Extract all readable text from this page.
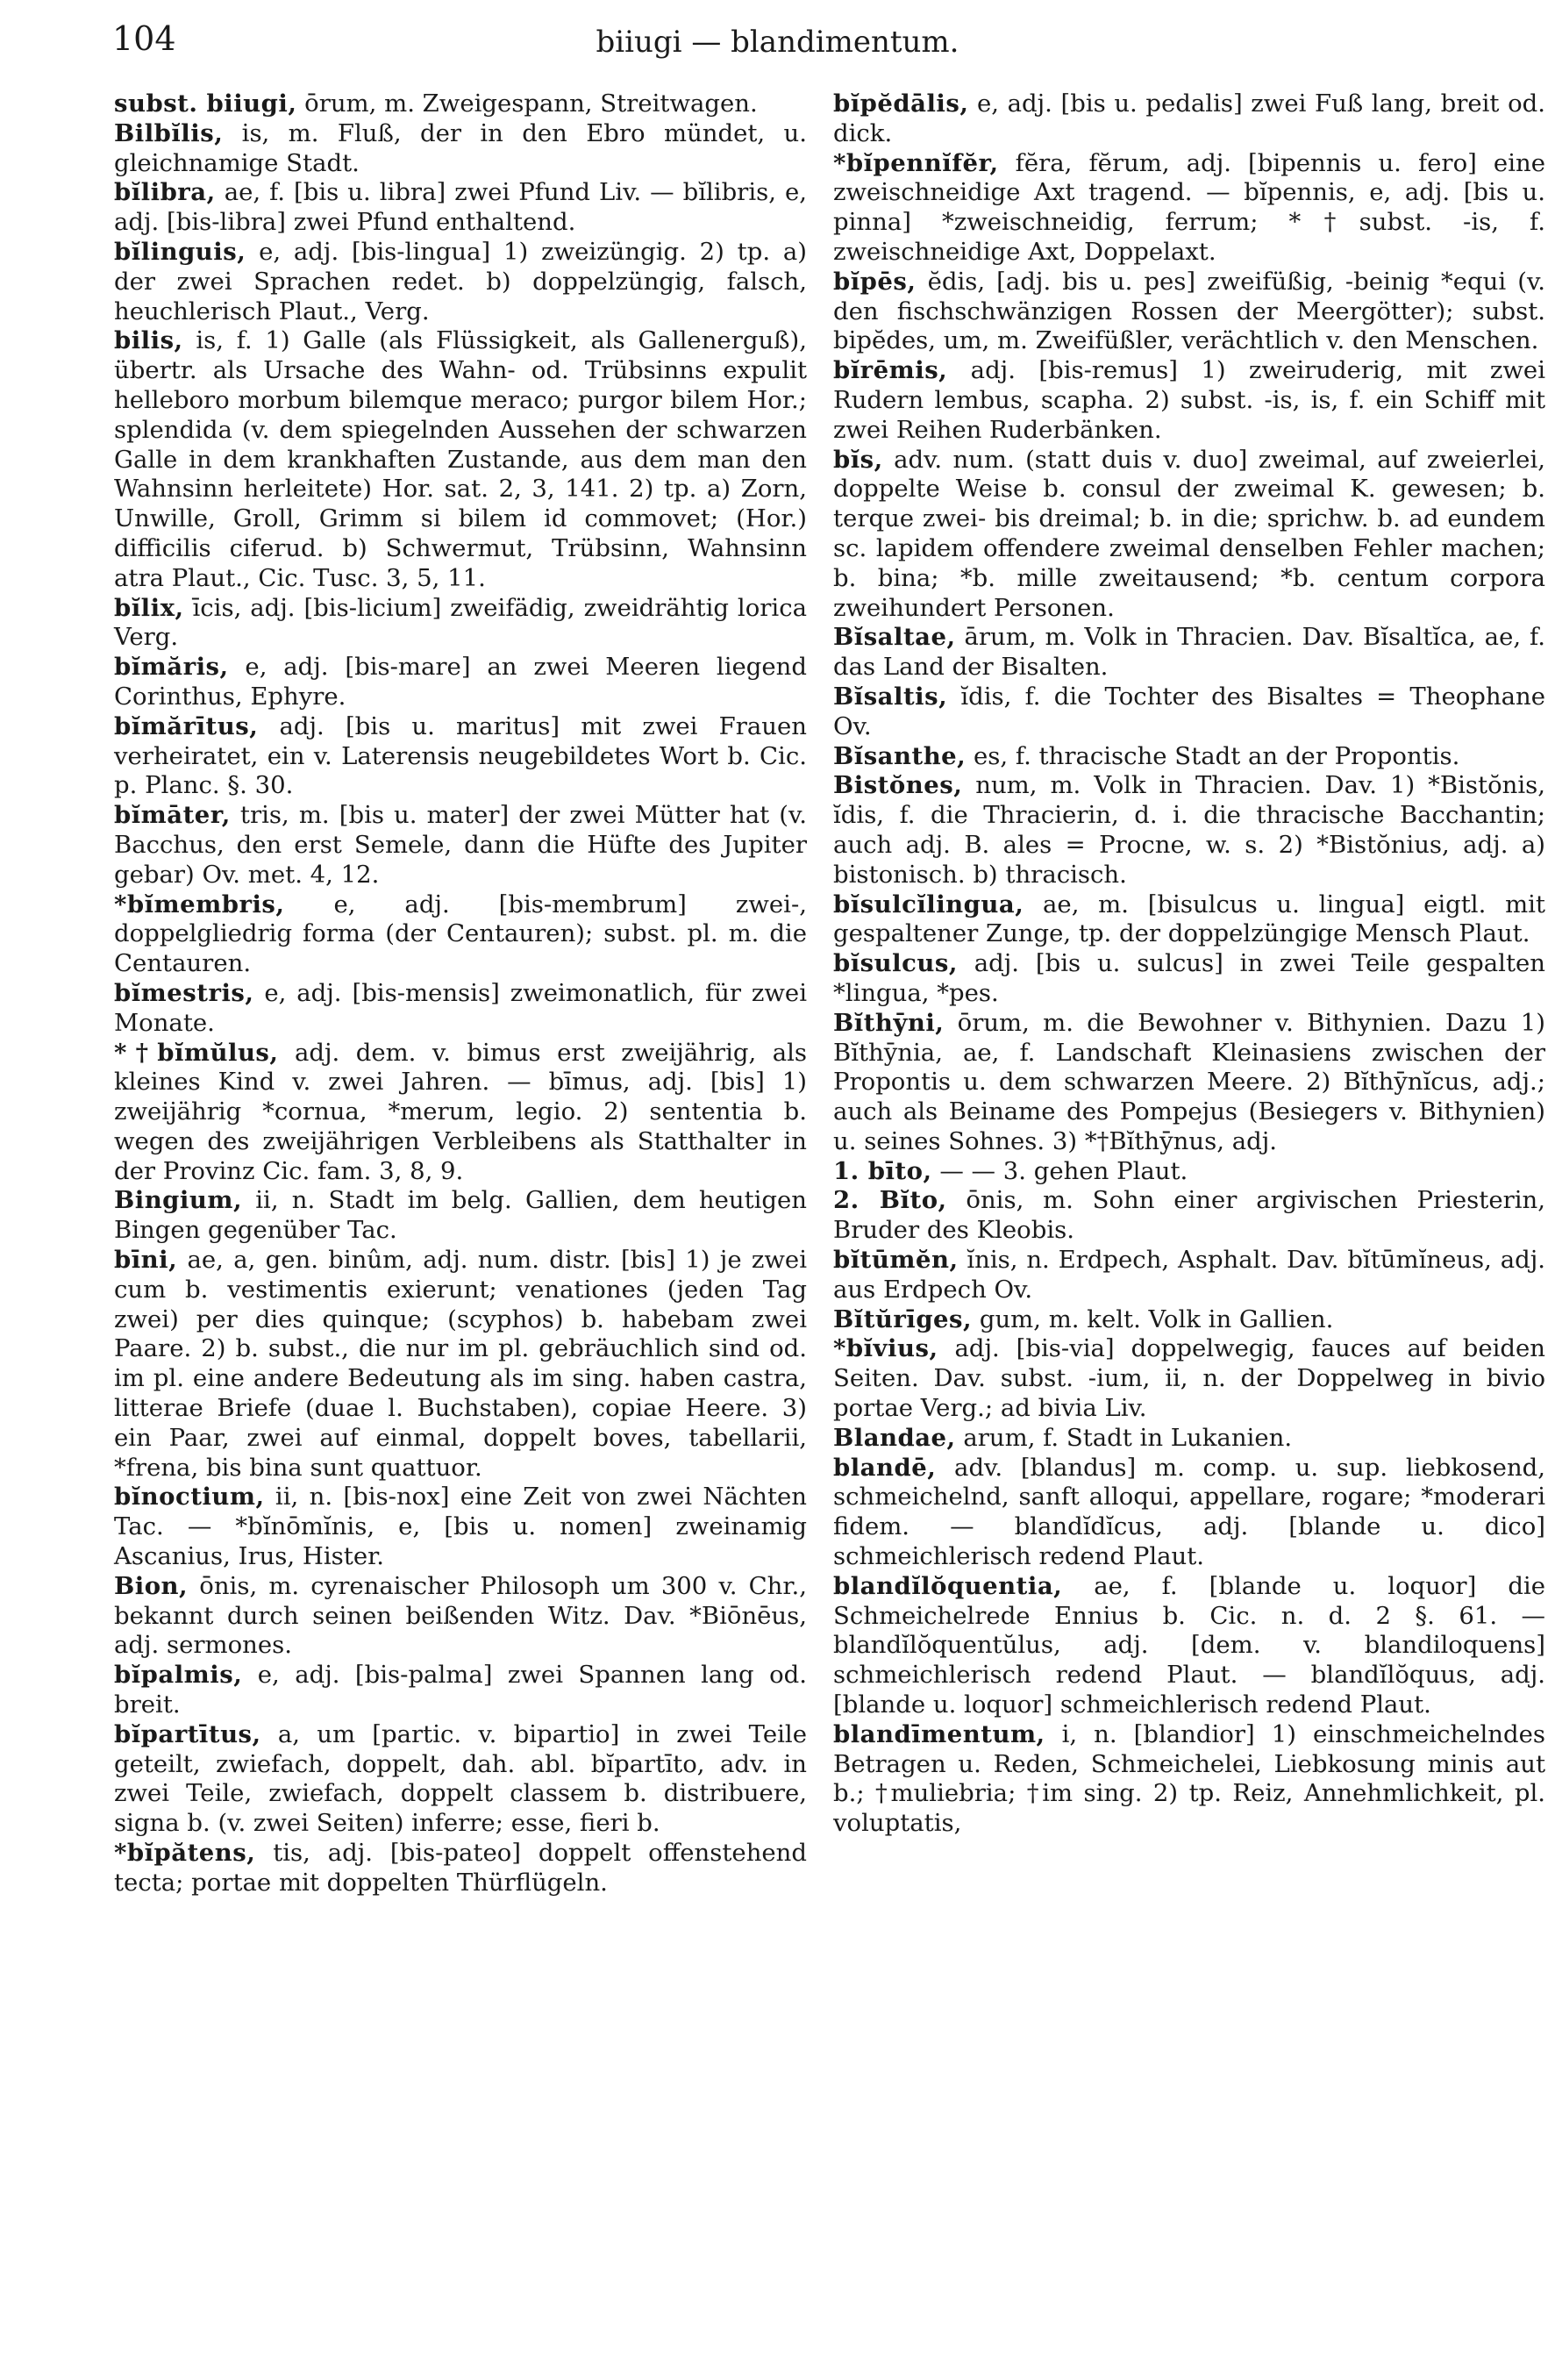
104	biiugi — blandimentum.

subst. biiugi, ōrum, m. Zweigespann, Streitwagen.

Bilbĭlis, is, m. Fluß, der in den Ebro mündet, u. gleichnamige Stadt.

bĭlibra, ae, f. [bis u. libra] zwei Pfund Liv. — bĭlibris, e, adj. [bis-libra] zwei Pfund enthaltend.

bĭlinguis, e, adj. [bis-lingua] 1) zweizüngig. 2) tp. a) der zwei Sprachen redet. b) doppelzüngig, falsch, heuchlerisch Plaut., Verg.

bilis, is, f. 1) Galle (als Flüssigkeit, als Gallenerguß), übertr. als Ursache des Wahn- od. Trübsinns expulit helleboro morbum bilemque meraco; purgor bilem Hor.; splendida (v. dem spiegelnden Aussehen der schwarzen Galle in dem krankhaften Zustande, aus dem man den Wahnsinn herleitete) Hor. sat. 2, 3, 141. 2) tp. a) Zorn, Unwille, Groll, Grimm si bilem id commovet; (Hor.) difficilis ciferud. b) Schwermut, Trübsinn, Wahnsinn atra Plaut., Cic. Tusc. 3, 5, 11.

bĭlix, īcis, adj. [bis-licium] zweifädig, zweidrähtig lorica Verg.

bĭmăris, e, adj. [bis-mare] an zwei Meeren liegend Corinthus, Ephyre.

bĭmărītus, adj. [bis u. maritus] mit zwei Frauen verheiratet, ein v. Laterensis neugebildetes Wort b. Cic. p. Planc. §. 30.

bĭmāter, tris, m. [bis u. mater] der zwei Mütter hat (v. Bacchus, den erst Semele, dann die Hüfte des Jupiter gebar) Ov. met. 4, 12.

*bĭmembris, e, adj. [bis-membrum] zwei-, doppelgliedrig forma (der Centauren); subst. pl. m. die Centauren.

bĭmestris, e, adj. [bis-mensis] zweimonatlich, für zwei Monate.

*†bĭmŭlus, adj. dem. v. bimus erst zweijährig, als kleines Kind v. zwei Jahren. — bīmus, adj. [bis] 1) zweijährig *cornua, *merum, legio. 2) sententia b. wegen des zweijährigen Verbleibens als Statthalter in der Provinz Cic. fam. 3, 8, 9.

Bingium, ii, n. Stadt im belg. Gallien, dem heutigen Bingen gegenüber Tac.

bīni, ae, a, gen. binûm, adj. num. distr. [bis] 1) je zwei cum b. vestimentis exierunt; venationes (jeden Tag zwei) per dies quinque; (scyphos) b. habebam zwei Paare. 2) b. subst., die nur im pl. gebräuchlich sind od. im pl. eine andere Bedeutung als im sing. haben castra, litterae Briefe (duae l. Buchstaben), copiae Heere. 3) ein Paar, zwei auf einmal, doppelt boves, tabellarii, *frena, bis bina sunt quattuor.

bĭnoctium, ii, n. [bis-nox] eine Zeit von zwei Nächten Tac. — *bĭnōmĭnis, e, [bis u. nomen] zweinamig Ascanius, Irus, Hister.

Bion, ōnis, m. cyrenaischer Philosoph um 300 v. Chr., bekannt durch seinen beißenden Witz. Dav. *Biōnēus, adj. sermones.

bĭpalmis, e, adj. [bis-palma] zwei Spannen lang od. breit.

bĭpartītus, a, um [partic. v. bipartio] in zwei Teile geteilt, zwiefach, doppelt, dah. abl. bĭpartīto, adv. in zwei Teile, zwiefach, doppelt classem b. distribuere, signa b. (v. zwei Seiten) inferre; esse, fieri b.

*bĭpătens, tis, adj. [bis-pateo] doppelt offenstehend tecta; portae mit doppelten Thürflügeln.

bĭpĕdālis, e, adj. [bis u. pedalis] zwei Fuß lang, breit od. dick.

*bĭpennĭfĕr, fĕra, fĕrum, adj. [bipennis u. fero] eine zweischneidige Axt tragend. — bĭpennis, e, adj. [bis u. pinna] *zweischneidig, ferrum; *†subst. -is, f. zweischneidige Axt, Doppelaxt.

bĭpēs, ĕdis, [adj. bis u. pes] zweifüßig, -beinig *equi (v. den fischschwänzigen Rossen der Meergötter); subst. bipĕdes, um, m. Zweifüßler, verächtlich v. den Menschen.

bĭrēmis, adj. [bis-remus] 1) zweiruderig, mit zwei Rudern lembus, scapha. 2) subst. -is, is, f. ein Schiff mit zwei Reihen Ruderbänken.

bĭs, adv. num. (statt duis v. duo] zweimal, auf zweierlei, doppelte Weise b. consul der zweimal K. gewesen; b. terque zwei- bis dreimal; b. in die; sprichw. b. ad eundem sc. lapidem offendere zweimal denselben Fehler machen; b. bina; *b. mille zweitausend; *b. centum corpora zweihundert Personen.

Bĭsaltae, ārum, m. Volk in Thracien. Dav. Bĭsaltĭca, ae, f. das Land der Bisalten.

Bĭsaltis, ĭdis, f. die Tochter des Bisaltes = Theophane Ov.

Bĭsanthe, es, f. thracische Stadt an der Propontis.

Bistŏnes, num, m. Volk in Thracien. Dav. 1) *Bistŏnis, ĭdis, f. die Thracierin, d. i. die thracische Bacchantin; auch adj. B. ales = Procne, w. s. 2) *Bistŏnius, adj. a) bistonisch. b) thracisch.

bĭsulcĭlingua, ae, m. [bisulcus u. lingua] eigtl. mit gespaltener Zunge, tp. der doppelzüngige Mensch Plaut.

bĭsulcus, adj. [bis u. sulcus] in zwei Teile gespalten *lingua, *pes.

Bĭthȳni, ōrum, m. die Bewohner v. Bithynien. Dazu 1) Bĭthȳnia, ae, f. Landschaft Kleinasiens zwischen der Propontis u. dem schwarzen Meere. 2) Bĭthȳnĭcus, adj.; auch als Beiname des Pompejus (Besiegers v. Bithynien) u. seines Sohnes. 3) *†Bĭthȳnus, adj.

1. bīto, — — 3. gehen Plaut.

2. Bĭto, ōnis, m. Sohn einer argivischen Priesterin, Bruder des Kleobis.

bĭtūmĕn, ĭnis, n. Erdpech, Asphalt. Dav. bĭtūmĭneus, adj. aus Erdpech Ov.

Bĭtŭrīges, gum, m. kelt. Volk in Gallien.

*bĭvius, adj. [bis-via] doppelwegig, fauces auf beiden Seiten. Dav. subst. -ium, ii, n. der Doppelweg in bivio portae Verg.; ad bivia Liv.

Blandae, arum, f. Stadt in Lukanien.

blandē, adv. [blandus] m. comp. u. sup. liebkosend, schmeichelnd, sanft alloqui, appellare, rogare; *moderari fidem. — blandĭdĭcus, adj. [blande u. dico] schmeichlerisch redend Plaut.

blandĭlŏquentia, ae, f. [blande u. loquor] die Schmeichelrede Ennius b. Cic. n. d. 2 §. 61. — blandĭlŏquentŭlus, adj. [dem. v. blandiloquens] schmeichlerisch redend Plaut. — blandĭlŏquus, adj. [blande u. loquor] schmeichlerisch redend Plaut.

blandīmentum, i, n. [blandior] 1) einschmeichelndes Betragen u. Reden, Schmeichelei, Liebkosung minis aut b.; †muliebria; †im sing. 2) tp. Reiz, Annehmlichkeit, pl. voluptatis,
